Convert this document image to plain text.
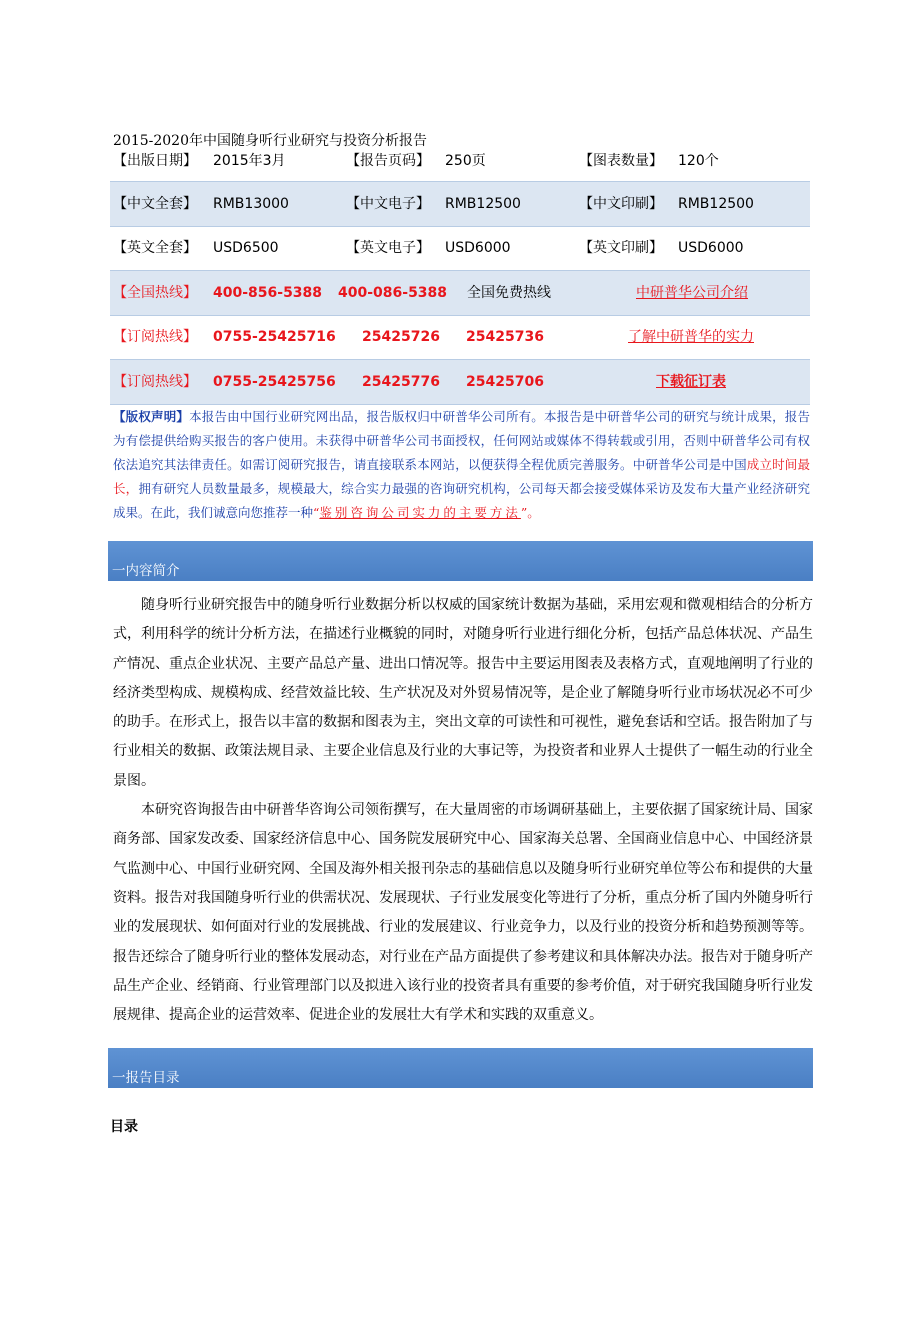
2015-2020年中国随身听行业研究与投资分析报告
【出版日期】 2015年3月	【报告页码】 250页	【图表数量】 120个
【中文全套】 RMB13000	【中文电子】 RMB12500	【中文印刷】 RMB12500
【英文全套】 USD6500	【英文电子】 USD6000	【英文印刷】 USD6000
【全国热线】 400-856-5388 400-086-5388 全国免费热线	中研普华公司介绍
【订阅热线】 0755-25425716 25425726 25425736	了解中研普华的实力
【订阅热线】 0755-25425756 25425776 25425706	下载征订表
【版权声明】本报告由中国行业研究网出品，报告版权归中研普华公司所有。本报告是中研普华公司的研究与统计成果，报告为有偿提供给购买报告的客户使用。未获得中研普华公司书面授权，任何网站或媒体不得转载或引用，否则中研普华公司有权依法追究其法律责任。如需订阅研究报告，请直接联系本网站，以便获得全程优质完善服务。中研普华公司是中国成立时间最长，拥有研究人员数量最多，规模最大，综合实力最强的咨询研究机构，公司每天都会接受媒体采访及发布大量产业经济研究成果。在此，我们诚意向您推荐一种“鉴别咨询公司实力的主要方法”。
一内容简介

随身听行业研究报告中的随身听行业数据分析以权威的国家统计数据为基础，采用宏观和微观相结合的分析方式，利用科学的统计分析方法，在描述行业概貌的同时，对随身听行业进行细化分析，包括产品总体状况、产品生产情况、重点企业状况、主要产品总产量、进出口情况等。报告中主要运用图表及表格方式，直观地阐明了行业的经济类型构成、规模构成、经营效益比较、生产状况及对外贸易情况等，是企业了解随身听行业市场状况必不可少的助手。在形式上，报告以丰富的数据和图表为主，突出文章的可读性和可视性，避免套话和空话。报告附加了与行业相关的数据、政策法规目录、主要企业信息及行业的大事记等，为投资者和业界人士提供了一幅生动的行业全景图。

本研究咨询报告由中研普华咨询公司领衔撰写，在大量周密的市场调研基础上，主要依据了国家统计局、国家商务部、国家发改委、国家经济信息中心、国务院发展研究中心、国家海关总署、全国商业信息中心、中国经济景气监测中心、中国行业研究网、全国及海外相关报刊杂志的基础信息以及随身听行业研究单位等公布和提供的大量资料。报告对我国随身听行业的供需状况、发展现状、子行业发展变化等进行了分析，重点分析了国内外随身听行业的发展现状、如何面对行业的发展挑战、行业的发展建议、行业竞争力，以及行业的投资分析和趋势预测等等。报告还综合了随身听行业的整体发展动态，对行业在产品方面提供了参考建议和具体解决办法。报告对于随身听产品生产企业、经销商、行业管理部门以及拟进入该行业的投资者具有重要的参考价值，对于研究我国随身听行业发展规律、提高企业的运营效率、促进企业的发展壮大有学术和实践的双重意义。

一报告目录
目录
